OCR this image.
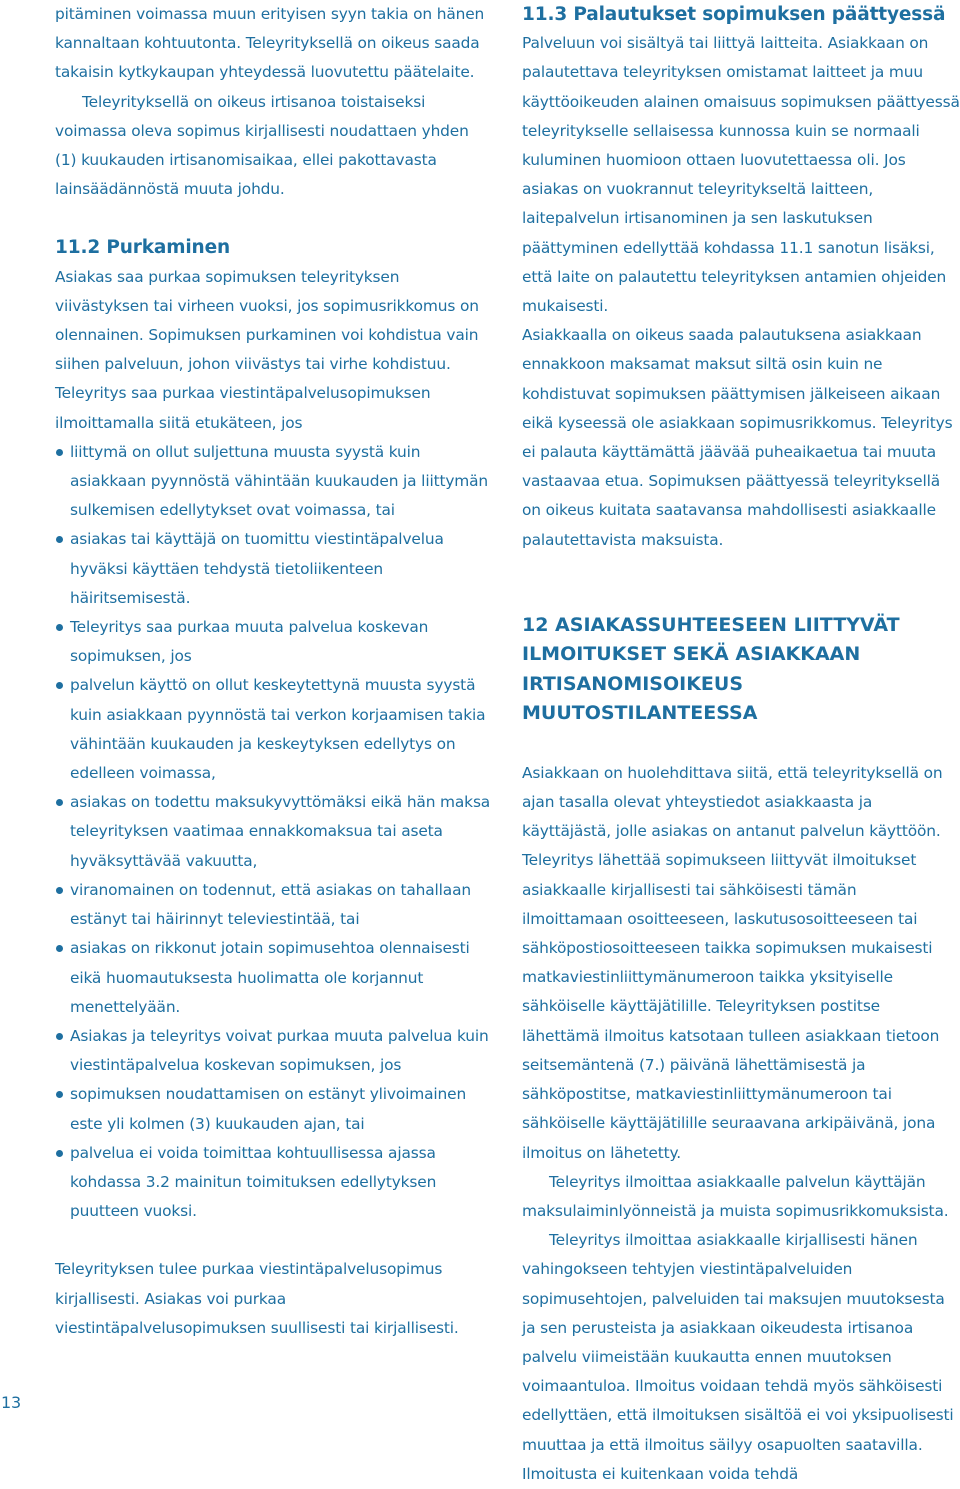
pitäminen voimassa muun erityisen syyn takia on hänen kannaltaan kohtuutonta. Teleyrityksellä on oikeus saada takaisin kytkykaupan yhteydessä luovutettu päätelaite.

Teleyrityksellä on oikeus irtisanoa toistaiseksi voimassa oleva sopimus kirjallisesti noudattaen yhden (1) kuukauden irtisanomisaikaa, ellei pakottavasta lainsäädännöstä muuta johdu.

11.2 Purkaminen

Asiakas saa purkaa sopimuksen teleyrityksen viivästyksen tai virheen vuoksi, jos sopimusrikkomus on olennainen. Sopimuksen purkaminen voi kohdistua vain siihen palveluun, johon viivästys tai virhe kohdistuu.

Teleyritys saa purkaa viestintäpalvelusopimuksen ilmoittamalla siitä etukäteen, jos

liittymä on ollut suljettuna muusta syystä kuin asiakkaan pyynnöstä vähintään kuukauden ja liittymän sulkemisen edellytykset ovat voimassa, tai
asiakas tai käyttäjä on tuomittu viestintäpalvelua hyväksi käyttäen tehdystä tietoliikenteen häiritsemisestä.
Teleyritys saa purkaa muuta palvelua koskevan sopimuksen, jos
palvelun käyttö on ollut keskeytettynä muusta syystä kuin asiakkaan pyynnöstä tai verkon korjaamisen takia vähintään kuukauden ja keskeytyksen edellytys on edelleen voimassa,
asiakas on todettu maksukyvyttömäksi eikä hän maksa teleyrityksen vaatimaa ennakkomaksua tai aseta hyväksyttävää vakuutta,
viranomainen on todennut, että asiakas on tahallaan estänyt tai häirinnyt televiestintää, tai
asiakas on rikkonut jotain sopimusehtoa olennaisesti eikä huomautuksesta huolimatta ole korjannut menettelyään.
Asiakas ja teleyritys voivat purkaa muuta palvelua kuin viestintäpalvelua koskevan sopimuksen, jos
sopimuksen noudattamisen on estänyt ylivoimainen este yli kolmen (3) kuukauden ajan, tai
palvelua ei voida toimittaa kohtuullisessa ajassa kohdassa 3.2 mainitun toimituksen edellytyksen puutteen vuoksi.

Teleyrityksen tulee purkaa viestintäpalvelusopimus kirjallisesti. Asiakas voi purkaa viestintäpalvelusopimuksen suullisesti tai kirjallisesti.

11.3 Palautukset sopimuksen päättyessä

Palveluun voi sisältyä tai liittyä laitteita. Asiakkaan on palautettava teleyrityksen omistamat laitteet ja muu käyttöoikeuden alainen omaisuus sopimuksen päättyessä teleyritykselle sellaisessa kunnossa kuin se normaali kuluminen huomioon ottaen luovutettaessa oli. Jos asiakas on vuokrannut teleyritykseltä laitteen, laitepalvelun irtisanominen ja sen laskutuksen päättyminen edellyttää kohdassa 11.1 sanotun lisäksi, että laite on palautettu teleyrityksen antamien ohjeiden mukaisesti.

Asiakkaalla on oikeus saada palautuksena asiakkaan ennakkoon maksamat maksut siltä osin kuin ne kohdistuvat sopimuksen päättymisen jälkeiseen aikaan eikä kyseessä ole asiakkaan sopimusrikkomus. Teleyritys ei palauta käyttämättä jäävää puheaikaetua tai muuta vastaavaa etua. Sopimuksen päättyessä teleyrityksellä on oikeus kuitata saatavansa mahdollisesti asiakkaalle palautettavista maksuista.

12 ASIAKASSUHTEESEEN LIITTYVÄT
ILMOITUKSET SEKÄ ASIAKKAAN
IRTISANOMISOIKEUS MUUTOSTILANTEESSA

Asiakkaan on huolehdittava siitä, että teleyrityksellä on ajan tasalla olevat yhteystiedot asiakkaasta ja käyttäjästä, jolle asiakas on antanut palvelun käyttöön. Teleyritys lähettää sopimukseen liittyvät ilmoitukset asiakkaalle kirjallisesti tai sähköisesti tämän ilmoittamaan osoitteeseen, laskutusosoitteeseen tai sähköpostiosoitteeseen taikka sopimuksen mukaisesti matkaviestinliittymänumeroon taikka yksityiselle sähköiselle käyttäjätilille. Teleyrityksen postitse lähettämä ilmoitus katsotaan tulleen asiakkaan tietoon seitsemäntenä (7.) päivänä lähettämisestä ja sähköpostitse, matkaviestinliittymänumeroon tai sähköiselle käyttäjätilille seuraavana arkipäivänä, jona ilmoitus on lähetetty.

Teleyritys ilmoittaa asiakkaalle palvelun käyttäjän maksulaiminlyönneistä ja muista sopimusrikkomuksista.

Teleyritys ilmoittaa asiakkaalle kirjallisesti hänen vahingokseen tehtyjen viestintäpalveluiden sopimusehtojen, palveluiden tai maksujen muutoksesta ja sen perusteista ja asiakkaan oikeudesta irtisanoa palvelu viimeistään kuukautta ennen muutoksen voimaantuloa. Ilmoitus voidaan tehdä myös sähköisesti edellyttäen, että ilmoituksen sisältöä ei voi yksipuolisesti muuttaa ja että ilmoitus säilyy osapuolten saatavilla. Ilmoitusta ei kuitenkaan voida tehdä

13
